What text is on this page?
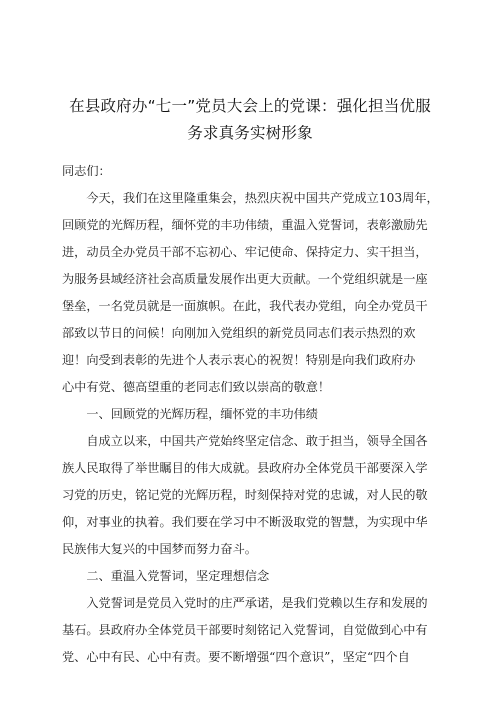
在县政府办“七一”党员大会上的党课：强化担当优服
务求真务实树形象
同志们：
　　今天，我们在这里隆重集会，热烈庆祝中国共产党成立103周年，
回顾党的光辉历程，缅怀党的丰功伟绩，重温入党誓词，表彰激励先
进，动员全办党员干部不忘初心、牢记使命、保持定力、实干担当，
为服务县域经济社会高质量发展作出更大贡献。一个党组织就是一座
堡垒，一名党员就是一面旗帜。在此，我代表办党组，向全办党员干
部致以节日的问候！向刚加入党组织的新党员同志们表示热烈的欢
迎！向受到表彰的先进个人表示衷心的祝贺！特别是向我们政府办
心中有党、德高望重的老同志们致以崇高的敬意！
　　一、回顾党的光辉历程，缅怀党的丰功伟绩
　　自成立以来，中国共产党始终坚定信念、敢于担当，领导全国各
族人民取得了举世瞩目的伟大成就。县政府办全体党员干部要深入学
习党的历史，铭记党的光辉历程，时刻保持对党的忠诚，对人民的敬
仰，对事业的执着。我们要在学习中不断汲取党的智慧，为实现中华
民族伟大复兴的中国梦而努力奋斗。
　　二、重温入党誓词，坚定理想信念
　　入党誓词是党员入党时的庄严承诺，是我们党赖以生存和发展的
基石。县政府办全体党员干部要时刻铭记入党誓词，自觉做到心中有
党、心中有民、心中有责。要不断增强“四个意识”，坚定“四个自
